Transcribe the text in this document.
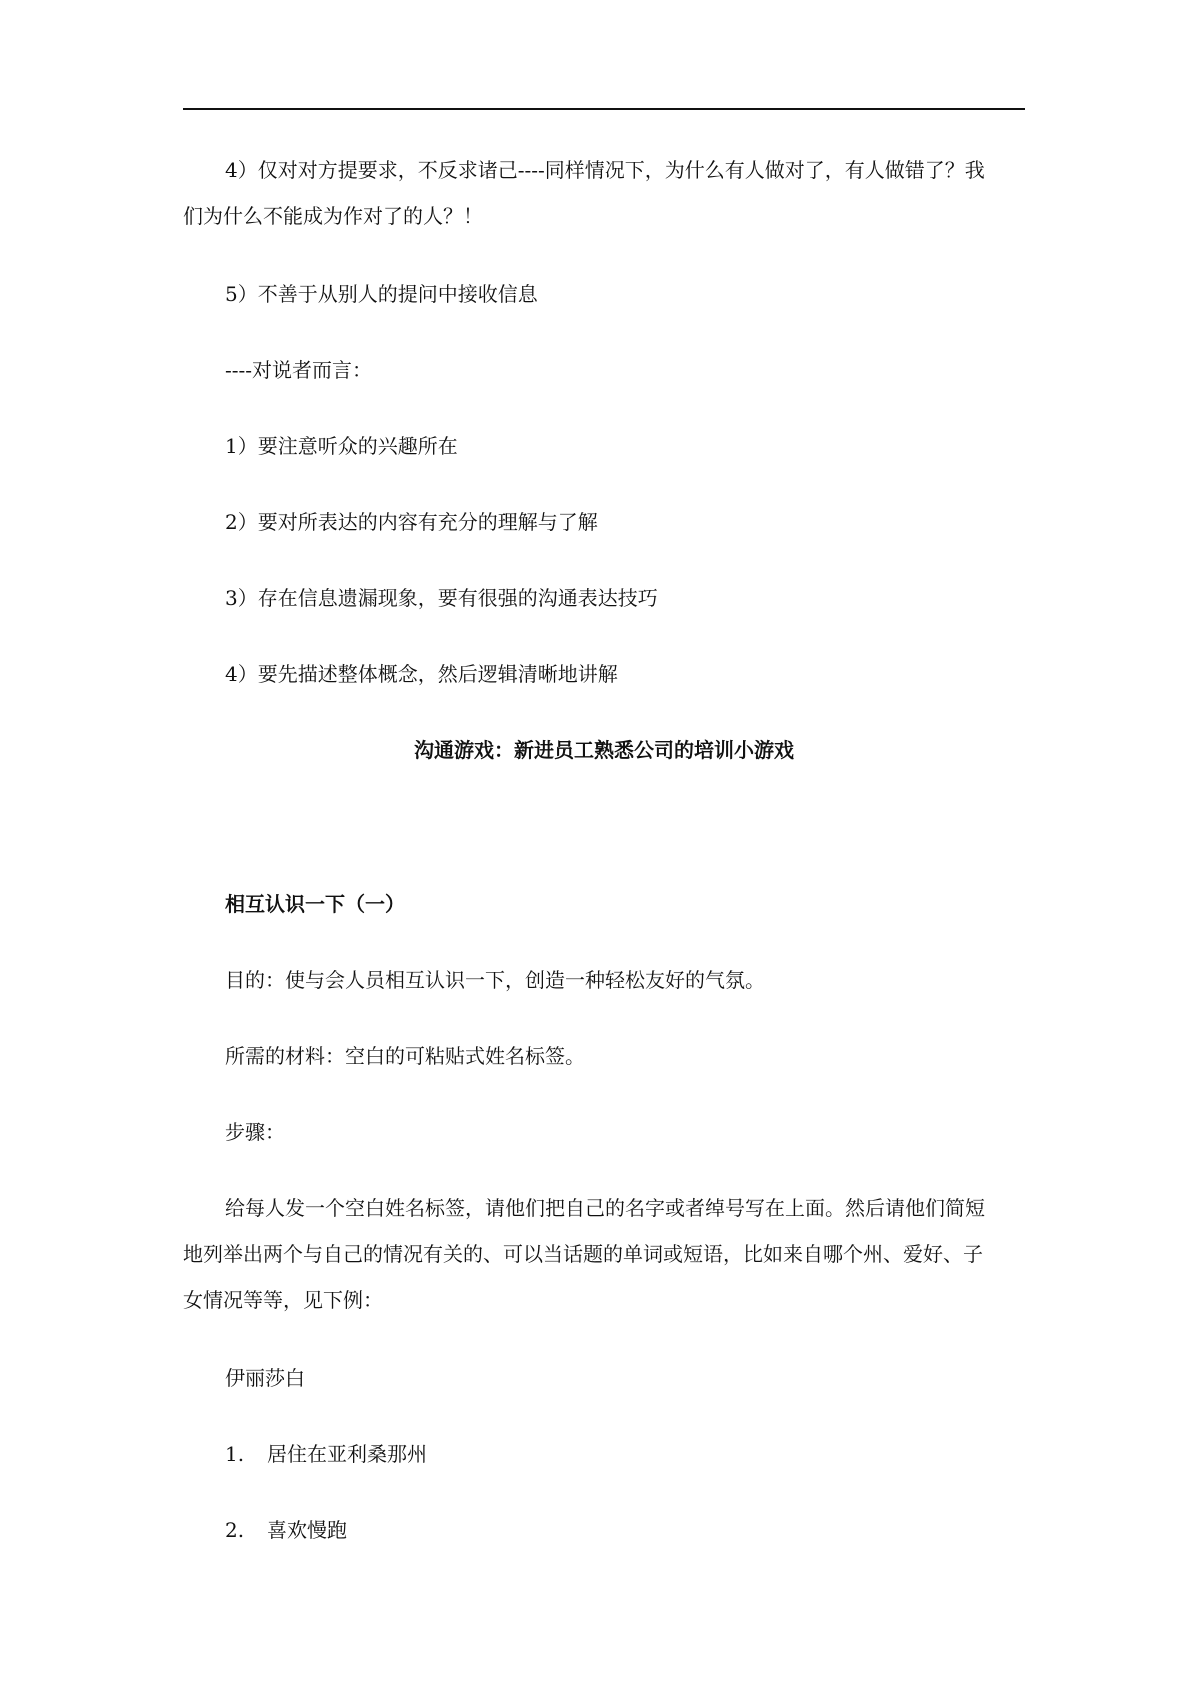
4）仅对对方提要求，不反求诸己----同样情况下，为什么有人做对了，有人做错了？我

们为什么不能成为作对了的人？！

5）不善于从别人的提问中接收信息

----对说者而言：

1）要注意听众的兴趣所在

2）要对所表达的内容有充分的理解与了解

3）存在信息遗漏现象，要有很强的沟通表达技巧

4）要先描述整体概念，然后逻辑清晰地讲解

沟通游戏：新进员工熟悉公司的培训小游戏

相互认识一下（一）

目的：使与会人员相互认识一下，创造一种轻松友好的气氛。

所需的材料：空白的可粘贴式姓名标签。

步骤：

给每人发一个空白姓名标签，请他们把自己的名字或者绰号写在上面。然后请他们简短

地列举出两个与自己的情况有关的、可以当话题的单词或短语，比如来自哪个州、爱好、子

女情况等等，见下例：

伊丽莎白

1. 居住在亚利桑那州

2. 喜欢慢跑
